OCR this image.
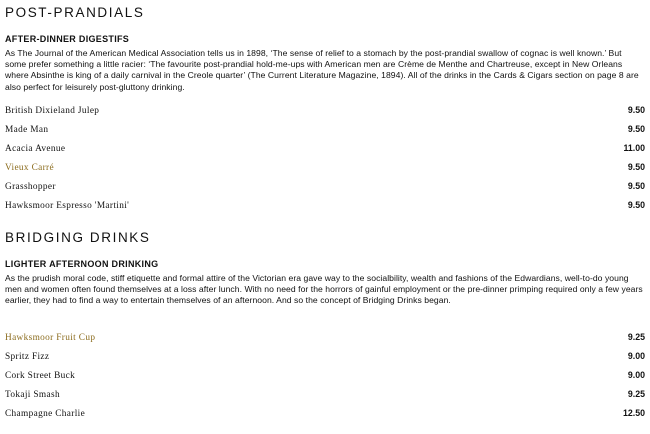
POST-PRANDIALS
AFTER-DINNER DIGESTIFS

As The Journal of the American Medical Association tells us in 1898, ‘The sense of relief to a stomach by the post-prandial swallow of cognac is well known.’ But some prefer something a little racier: ‘The favourite post-prandial hold-me-ups with American men are Crème de Menthe and Chartreuse, except in New Orleans where Absinthe is king of a daily carnival in the Creole quarter’ (The Current Literature Magazine, 1894). All of the drinks in the Cards & Cigars section on page 8 are also perfect for leisurely post-gluttony drinking.

British Dixieland Julep	9.50
Made Man	9.50
Acacia Avenue	11.00
Vieux Carré	9.50
Grasshopper	9.50
Hawksmoor Espresso 'Martini'	9.50
BRIDGING DRINKS
LIGHTER AFTERNOON DRINKING

As the prudish moral code, stiff etiquette and formal attire of the Victorian era gave way to the socialbility, wealth and fashions of the Edwardians, well-to-do young men and women often found themselves at a loss after lunch. With no need for the horrors of gainful employment or the pre-dinner primping required only a few years earlier, they had to find a way to entertain themselves of an afternoon. And so the concept of Bridging Drinks began.

Hawksmoor Fruit Cup	9.25
Spritz Fizz	9.00
Cork Street Buck	9.00
Tokaji Smash	9.25
Champagne Charlie	12.50
